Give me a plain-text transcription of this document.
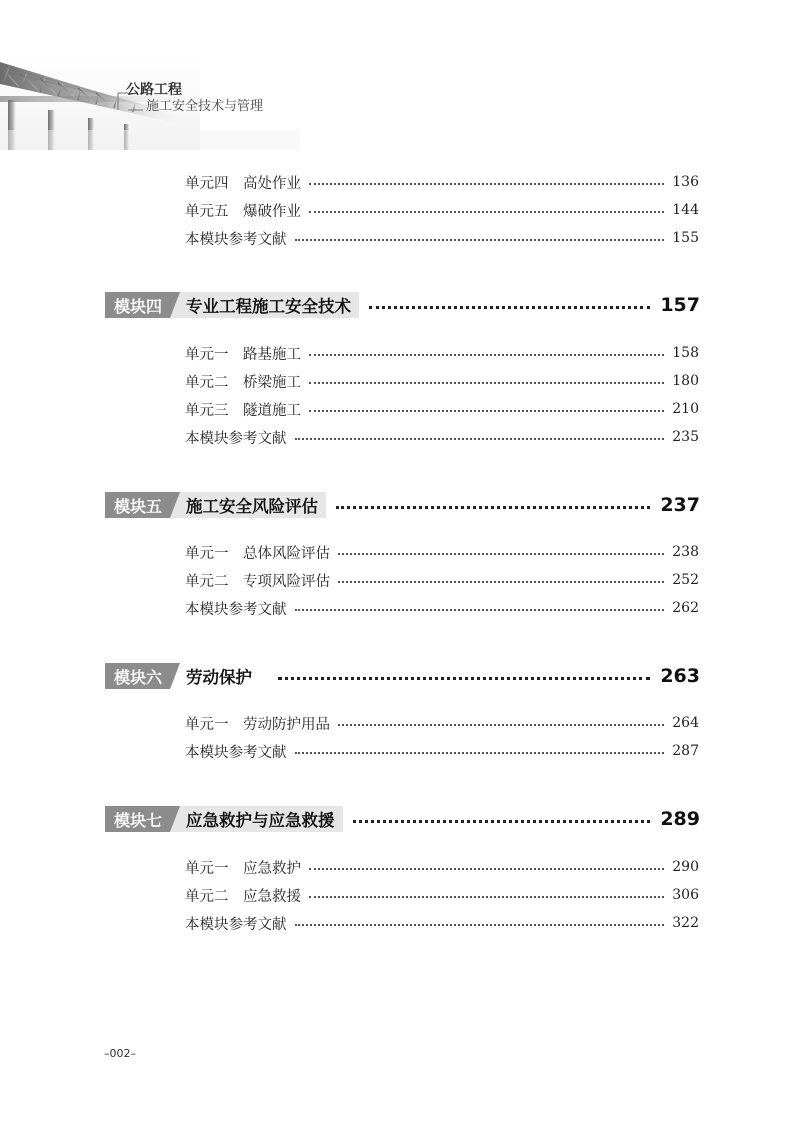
公路工程
施工安全技术与管理
单元四　高处作业	136
单元五　爆破作业	144
本模块参考文献	155
模块四	专业工程施工安全技术	157
单元一　路基施工	158
单元二　桥梁施工	180
单元三　隧道施工	210
本模块参考文献	235
模块五	施工安全风险评估	237
单元一　总体风险评估	238
单元二　专项风险评估	252
本模块参考文献	262
模块六	劳动保护	263
单元一　劳动防护用品	264
本模块参考文献	287
模块七	应急救护与应急救援	289
单元一　应急救护	290
单元二　应急救援	306
本模块参考文献	322
–002–
